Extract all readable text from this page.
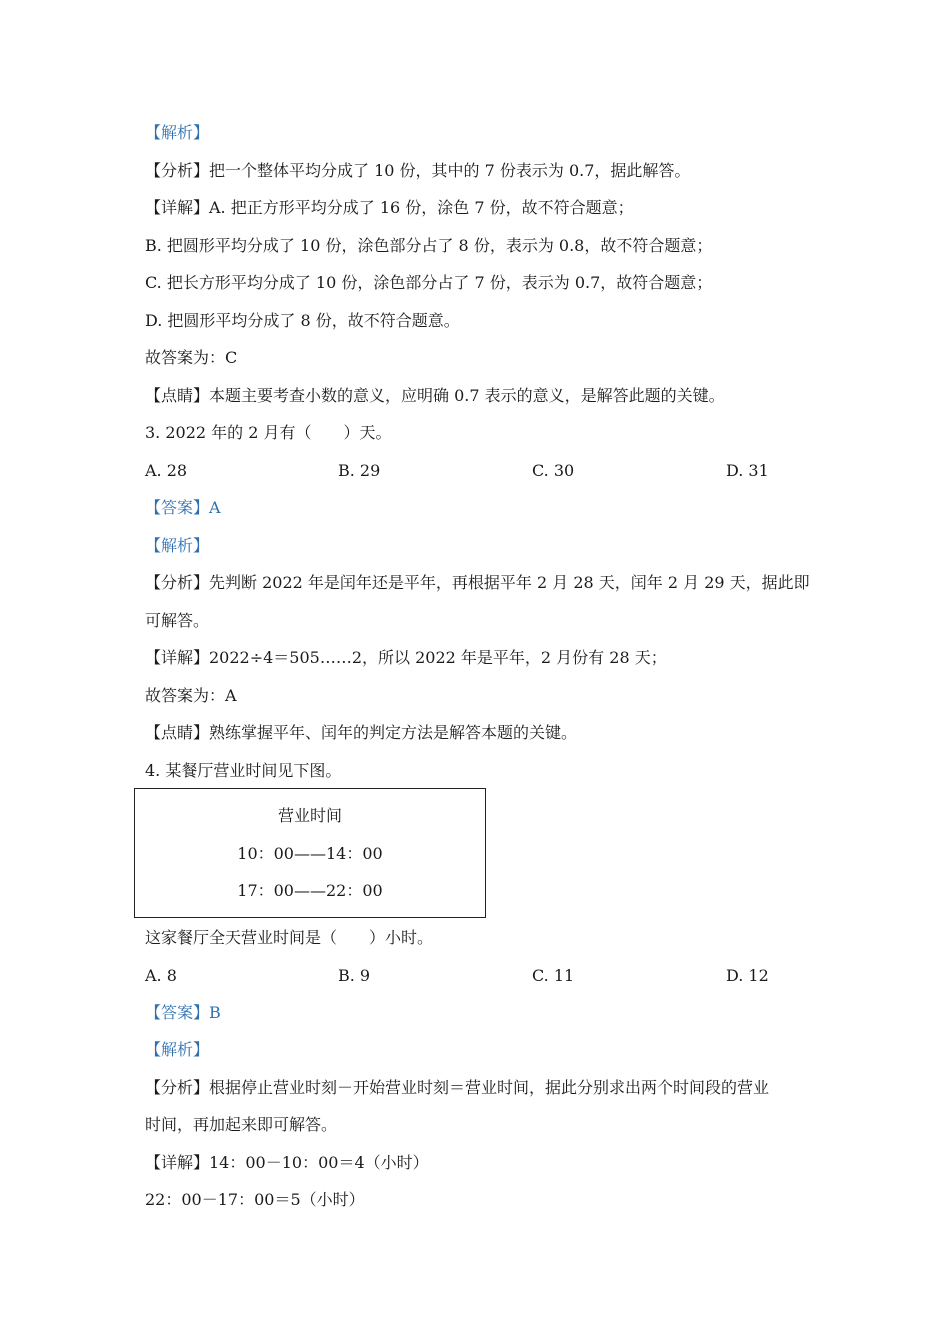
【解析】
【分析】把一个整体平均分成了 10 份，其中的 7 份表示为 0.7，据此解答。
【详解】A. 把正方形平均分成了 16 份，涂色 7 份，故不符合题意；
B. 把圆形平均分成了 10 份，涂色部分占了 8 份，表示为 0.8，故不符合题意；
C. 把长方形平均分成了 10 份，涂色部分占了 7 份，表示为 0.7，故符合题意；
D. 把圆形平均分成了 8 份，故不符合题意。
故答案为：C
【点睛】本题主要考查小数的意义，应明确 0.7 表示的意义，是解答此题的关键。
3. 2022 年的 2 月有（　　）天。
A. 28	B. 29	C. 30	D. 31
【答案】A
【解析】
【分析】先判断 2022 年是闰年还是平年，再根据平年 2 月 28 天，闰年 2 月 29 天，据此即
可解答。
【详解】2022÷4＝505……2，所以 2022 年是平年，2 月份有 28 天；
故答案为：A
【点睛】熟练掌握平年、闰年的判定方法是解答本题的关键。
4. 某餐厅营业时间见下图。
营业时间
10：00——14：00
17：00——22：00
这家餐厅全天营业时间是（　　）小时。
A. 8	B. 9	C. 11	D. 12
【答案】B
【解析】
【分析】根据停止营业时刻－开始营业时刻＝营业时间，据此分别求出两个时间段的营业
时间，再加起来即可解答。
【详解】14：00－10：00＝4（小时）
22：00－17：00＝5（小时）
